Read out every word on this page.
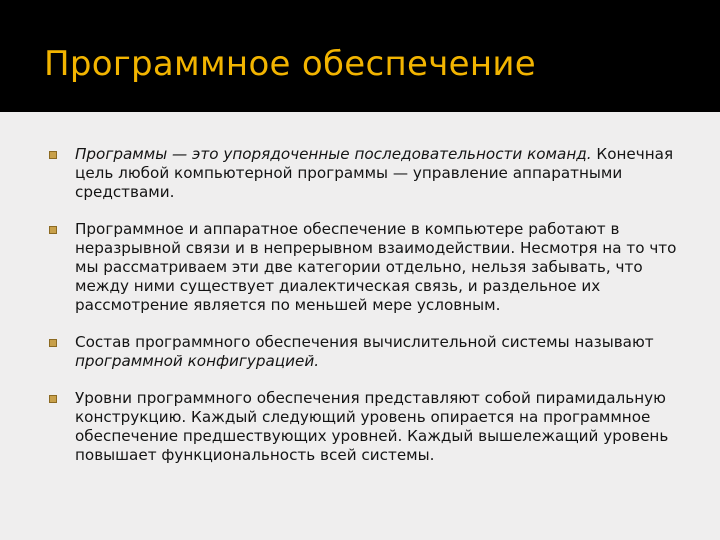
Программное обеспечение
Программы — это упорядоченные последовательности команд. Конечная цель любой компьютерной программы — управление аппаратными средствами.
Программное и аппаратное обеспечение в компьютере работают в неразрывной связи и в непрерывном взаимодействии. Несмотря на то что мы рассматриваем эти две категории отдельно, нельзя забывать, что между ними существует диалектическая связь, и раздельное их рассмотрение является по меньшей мере условным.
Состав программного обеспечения вычислительной системы называют программной конфигурацией.
Уровни программного обеспечения представляют собой пирамидальную конструкцию. Каждый следующий уровень опирается на программное обеспечение предшествующих уровней. Каждый вышележащий уровень повышает функциональность всей системы.
